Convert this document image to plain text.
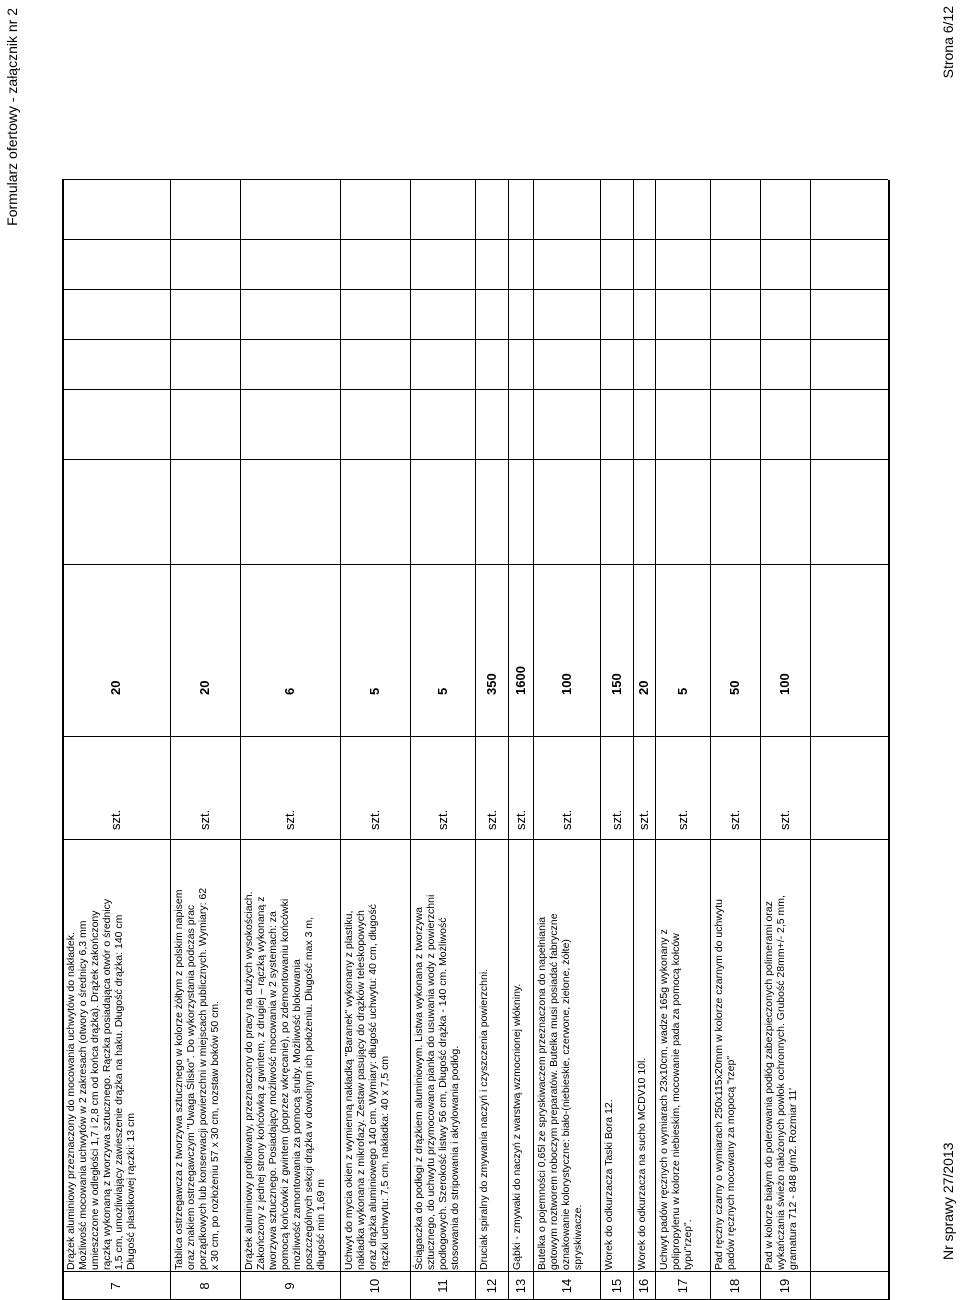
Formularz ofertowy - załącznik nr 2
7
Drążek aluminiowy przeznaczony do mocowania uchwytów do nakładek.
Możliwość mocowania uchwytów w 2 zakresach (otwory o średnicy 6,3 mm
umieszczone w odległości 1,7 i 2,8 cm od końca drążka). Drążek zakończony
rączką wykonaną z tworzywa sztucznego. Rączka posiadająca otwór o średnicy
1,5 cm, umożliwiający zawieszenie drążka na haku. Długość drążka: 140 cm
Długość plastikowej rączki: 13 cm
szt.
20
8
Tablica ostrzegawcza z tworzywa sztucznego w kolorze żółtym z polskim napisem
oraz znakiem ostrzegawczym "Uwaga Ślisko". Do wykorzystania podczas prac
porządkowych lub konserwacji powierzchni w miejscach publicznych. Wymiary: 62
x 30 cm, po rozłożeniu 57 x 30 cm, rozstaw boków 50 cm.
szt.
20
9
Drążek aluminiowy profilowany, przeznaczony do pracy na dużych wysokościach.
Zakończony z jednej strony końcówką z gwintem, z drugiej – rączką wykonaną z
tworzywa sztucznego. Posiadający możliwość mocowania w 2 systemach: za
pomocą końcówki z gwintem (poprzez wkręcanie), po zdemontowaniu końcówki
możliwość zamontowania za pomocą śruby. Możliwość blokowania
poszczególnych sekcji drążka w dowolnym ich położeniu. Długość max 3 m,
długość min 1,69 m
szt.
6
10
Uchwyt do mycia okien z wymienną nakładką "Baranek" wykonany z plastiku,
nakładka wykonana z mikrofazy. Zestaw pasujący do drążków teleskopowych
oraz drążka aluminiowego 140 cm. Wymiary: długość uchwytu: 40 cm, długość
rączki uchwytu: 7,5 cm, nakładka: 40 x 7,5 cm
szt.
5
11
Ściągaczka do podłogi z drążkiem aluminiowym. Listwa wykonana z tworzywa
sztucznego, do uchwytu przymocowana pianka do usuwania wody z powierzchni
podłogowych. Szerokość listwy 56 cm, Długość drążka - 140 cm. Możliwość
stosowania do stripowania i akrylowania podłóg.
szt.
5
12
Druciak spiralny do zmywania naczyń i czyszczenia powierzchni.
szt.
350
13
Gąbki - zmywaki do naczyń z warstwą wzmocnionej włókniny.
szt.
1600
14
Butelka o pojemności 0,65l ze spryskiwaczem przeznaczona do napełniania
gotowym roztworem roboczym preparatów. Butelka musi posiadać fabryczne
oznakowanie kolorystyczne: biało-(niebieskie, czerwone, zielone, żółte)
spryskiwacze.
szt.
100
15
Worek do odkurzacza Taski Bora 12.
szt.
150
16
Worek do odkurzacza na sucho MCDV10 10l.
szt.
20
17
Uchwyt padów ręcznych o wymiarach 23x10cm, wadze 165g wykonany z
polipropylenu w kolorze niebieskim, mocowanie pada za pomocą kołców
typu"rzep".
szt.
5
18
Pad ręczny czarny o wymiarach 250x115x20mm w kolorze czarnym do uchwytu
padów ręcznych mocowany za mopocą "rzep"
szt.
50
19
Pad w kolorze białym do polerowania podłóg zabezpieczonych polimerami oraz
wykańczania świeżo nałożonych powłok ochronnych. Grubość 28mm+/- 2,5 mm,
gramatura 712 - 848 g/m2. Rozmiar 11'
szt.
100
Nr sprawy 27/2013
Strona 6/12
